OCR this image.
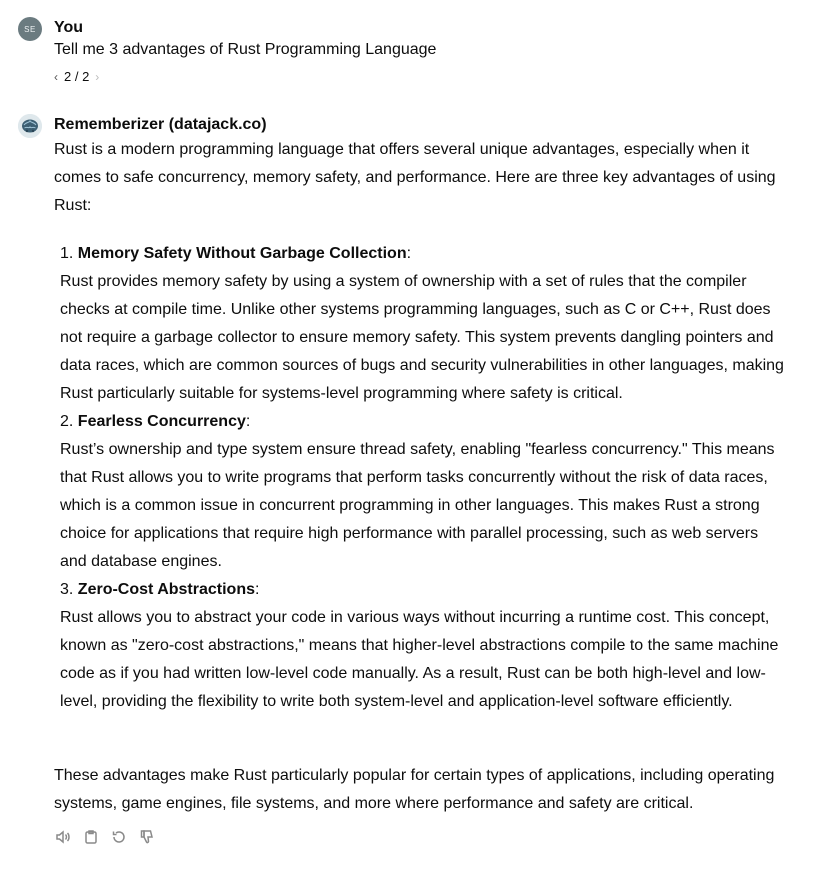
SE You
Tell me 3 advantages of Rust Programming Language
‹ 2 / 2 ›
Rememberizer (datajack.co)

Rust is a modern programming language that offers several unique advantages, especially when it comes to safe concurrency, memory safety, and performance. Here are three key advantages of using Rust:

1. Memory Safety Without Garbage Collection:
Rust provides memory safety by using a system of ownership with a set of rules that the compiler checks at compile time. Unlike other systems programming languages, such as C or C++, Rust does not require a garbage collector to ensure memory safety. This system prevents dangling pointers and data races, which are common sources of bugs and security vulnerabilities in other languages, making Rust particularly suitable for systems-level programming where safety is critical.
2. Fearless Concurrency:
Rust’s ownership and type system ensure thread safety, enabling "fearless concurrency." This means that Rust allows you to write programs that perform tasks concurrently without the risk of data races, which is a common issue in concurrent programming in other languages. This makes Rust a strong choice for applications that require high performance with parallel processing, such as web servers and database engines.
3. Zero-Cost Abstractions:
Rust allows you to abstract your code in various ways without incurring a runtime cost. This concept, known as "zero-cost abstractions," means that higher-level abstractions compile to the same machine code as if you had written low-level code manually. As a result, Rust can be both high-level and low-level, providing the flexibility to write both system-level and application-level software efficiently.

These advantages make Rust particularly popular for certain types of applications, including operating systems, game engines, file systems, and more where performance and safety are critical.
